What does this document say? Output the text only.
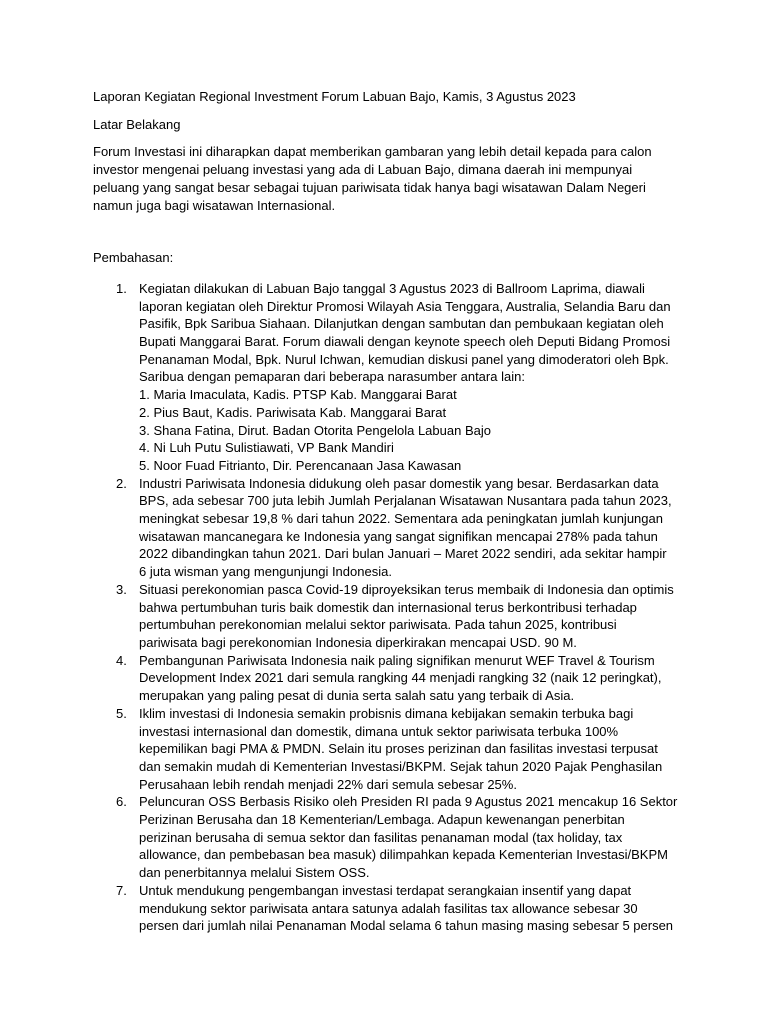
Laporan Kegiatan Regional Investment Forum Labuan Bajo, Kamis, 3 Agustus 2023

Latar Belakang

Forum Investasi ini diharapkan dapat memberikan gambaran yang lebih detail kepada para calon
investor mengenai peluang investasi yang ada di Labuan Bajo, dimana daerah ini mempunyai
peluang yang sangat besar sebagai tujuan pariwisata tidak hanya bagi wisatawan Dalam Negeri
namun juga bagi wisatawan Internasional.

Pembahasan:

1. Kegiatan dilakukan di Labuan Bajo tanggal 3 Agustus 2023 di Ballroom Laprima, diawali
laporan kegiatan oleh Direktur Promosi Wilayah Asia Tenggara, Australia, Selandia Baru dan
Pasifik, Bpk Saribua Siahaan. Dilanjutkan dengan sambutan dan pembukaan kegiatan oleh
Bupati Manggarai Barat. Forum diawali dengan keynote speech oleh Deputi Bidang Promosi
Penanaman Modal, Bpk. Nurul Ichwan, kemudian diskusi panel yang dimoderatori oleh Bpk.
Saribua dengan pemaparan dari beberapa narasumber antara lain:
1. Maria Imaculata, Kadis. PTSP Kab. Manggarai Barat
2. Pius Baut, Kadis. Pariwisata Kab. Manggarai Barat
3. Shana Fatina, Dirut. Badan Otorita Pengelola Labuan Bajo
4. Ni Luh Putu Sulistiawati, VP Bank Mandiri
5. Noor Fuad Fitrianto, Dir. Perencanaan Jasa Kawasan
2. Industri Pariwisata Indonesia didukung oleh pasar domestik yang besar. Berdasarkan data
BPS, ada sebesar 700 juta lebih Jumlah Perjalanan Wisatawan Nusantara pada tahun 2023,
meningkat sebesar 19,8 % dari tahun 2022. Sementara ada peningkatan jumlah kunjungan
wisatawan mancanegara ke Indonesia yang sangat signifikan mencapai 278% pada tahun
2022 dibandingkan tahun 2021. Dari bulan Januari – Maret 2022 sendiri, ada sekitar hampir
6 juta wisman yang mengunjungi Indonesia.
3. Situasi perekonomian pasca Covid-19 diproyeksikan terus membaik di Indonesia dan optimis
bahwa pertumbuhan turis baik domestik dan internasional terus berkontribusi terhadap
pertumbuhan perekonomian melalui sektor pariwisata. Pada tahun 2025, kontribusi
pariwisata bagi perekonomian Indonesia diperkirakan mencapai USD. 90 M.
4. Pembangunan Pariwisata Indonesia naik paling signifikan menurut WEF Travel & Tourism
Development Index 2021 dari semula rangking 44 menjadi rangking 32 (naik 12 peringkat),
merupakan yang paling pesat di dunia serta salah satu yang terbaik di Asia.
5. Iklim investasi di Indonesia semakin probisnis dimana kebijakan semakin terbuka bagi
investasi internasional dan domestik, dimana untuk sektor pariwisata terbuka 100%
kepemilikan bagi PMA & PMDN. Selain itu proses perizinan dan fasilitas investasi terpusat
dan semakin mudah di Kementerian Investasi/BKPM. Sejak tahun 2020 Pajak Penghasilan
Perusahaan lebih rendah menjadi 22% dari semula sebesar 25%.
6. Peluncuran OSS Berbasis Risiko oleh Presiden RI pada 9 Agustus 2021 mencakup 16 Sektor
Perizinan Berusaha dan 18 Kementerian/Lembaga. Adapun kewenangan penerbitan
perizinan berusaha di semua sektor dan fasilitas penanaman modal (tax holiday, tax
allowance, dan pembebasan bea masuk) dilimpahkan kepada Kementerian Investasi/BKPM
dan penerbitannya melalui Sistem OSS.
7. Untuk mendukung pengembangan investasi terdapat serangkaian insentif yang dapat
mendukung sektor pariwisata antara satunya adalah fasilitas tax allowance sebesar 30
persen dari jumlah nilai Penanaman Modal selama 6 tahun masing masing sebesar 5 persen
